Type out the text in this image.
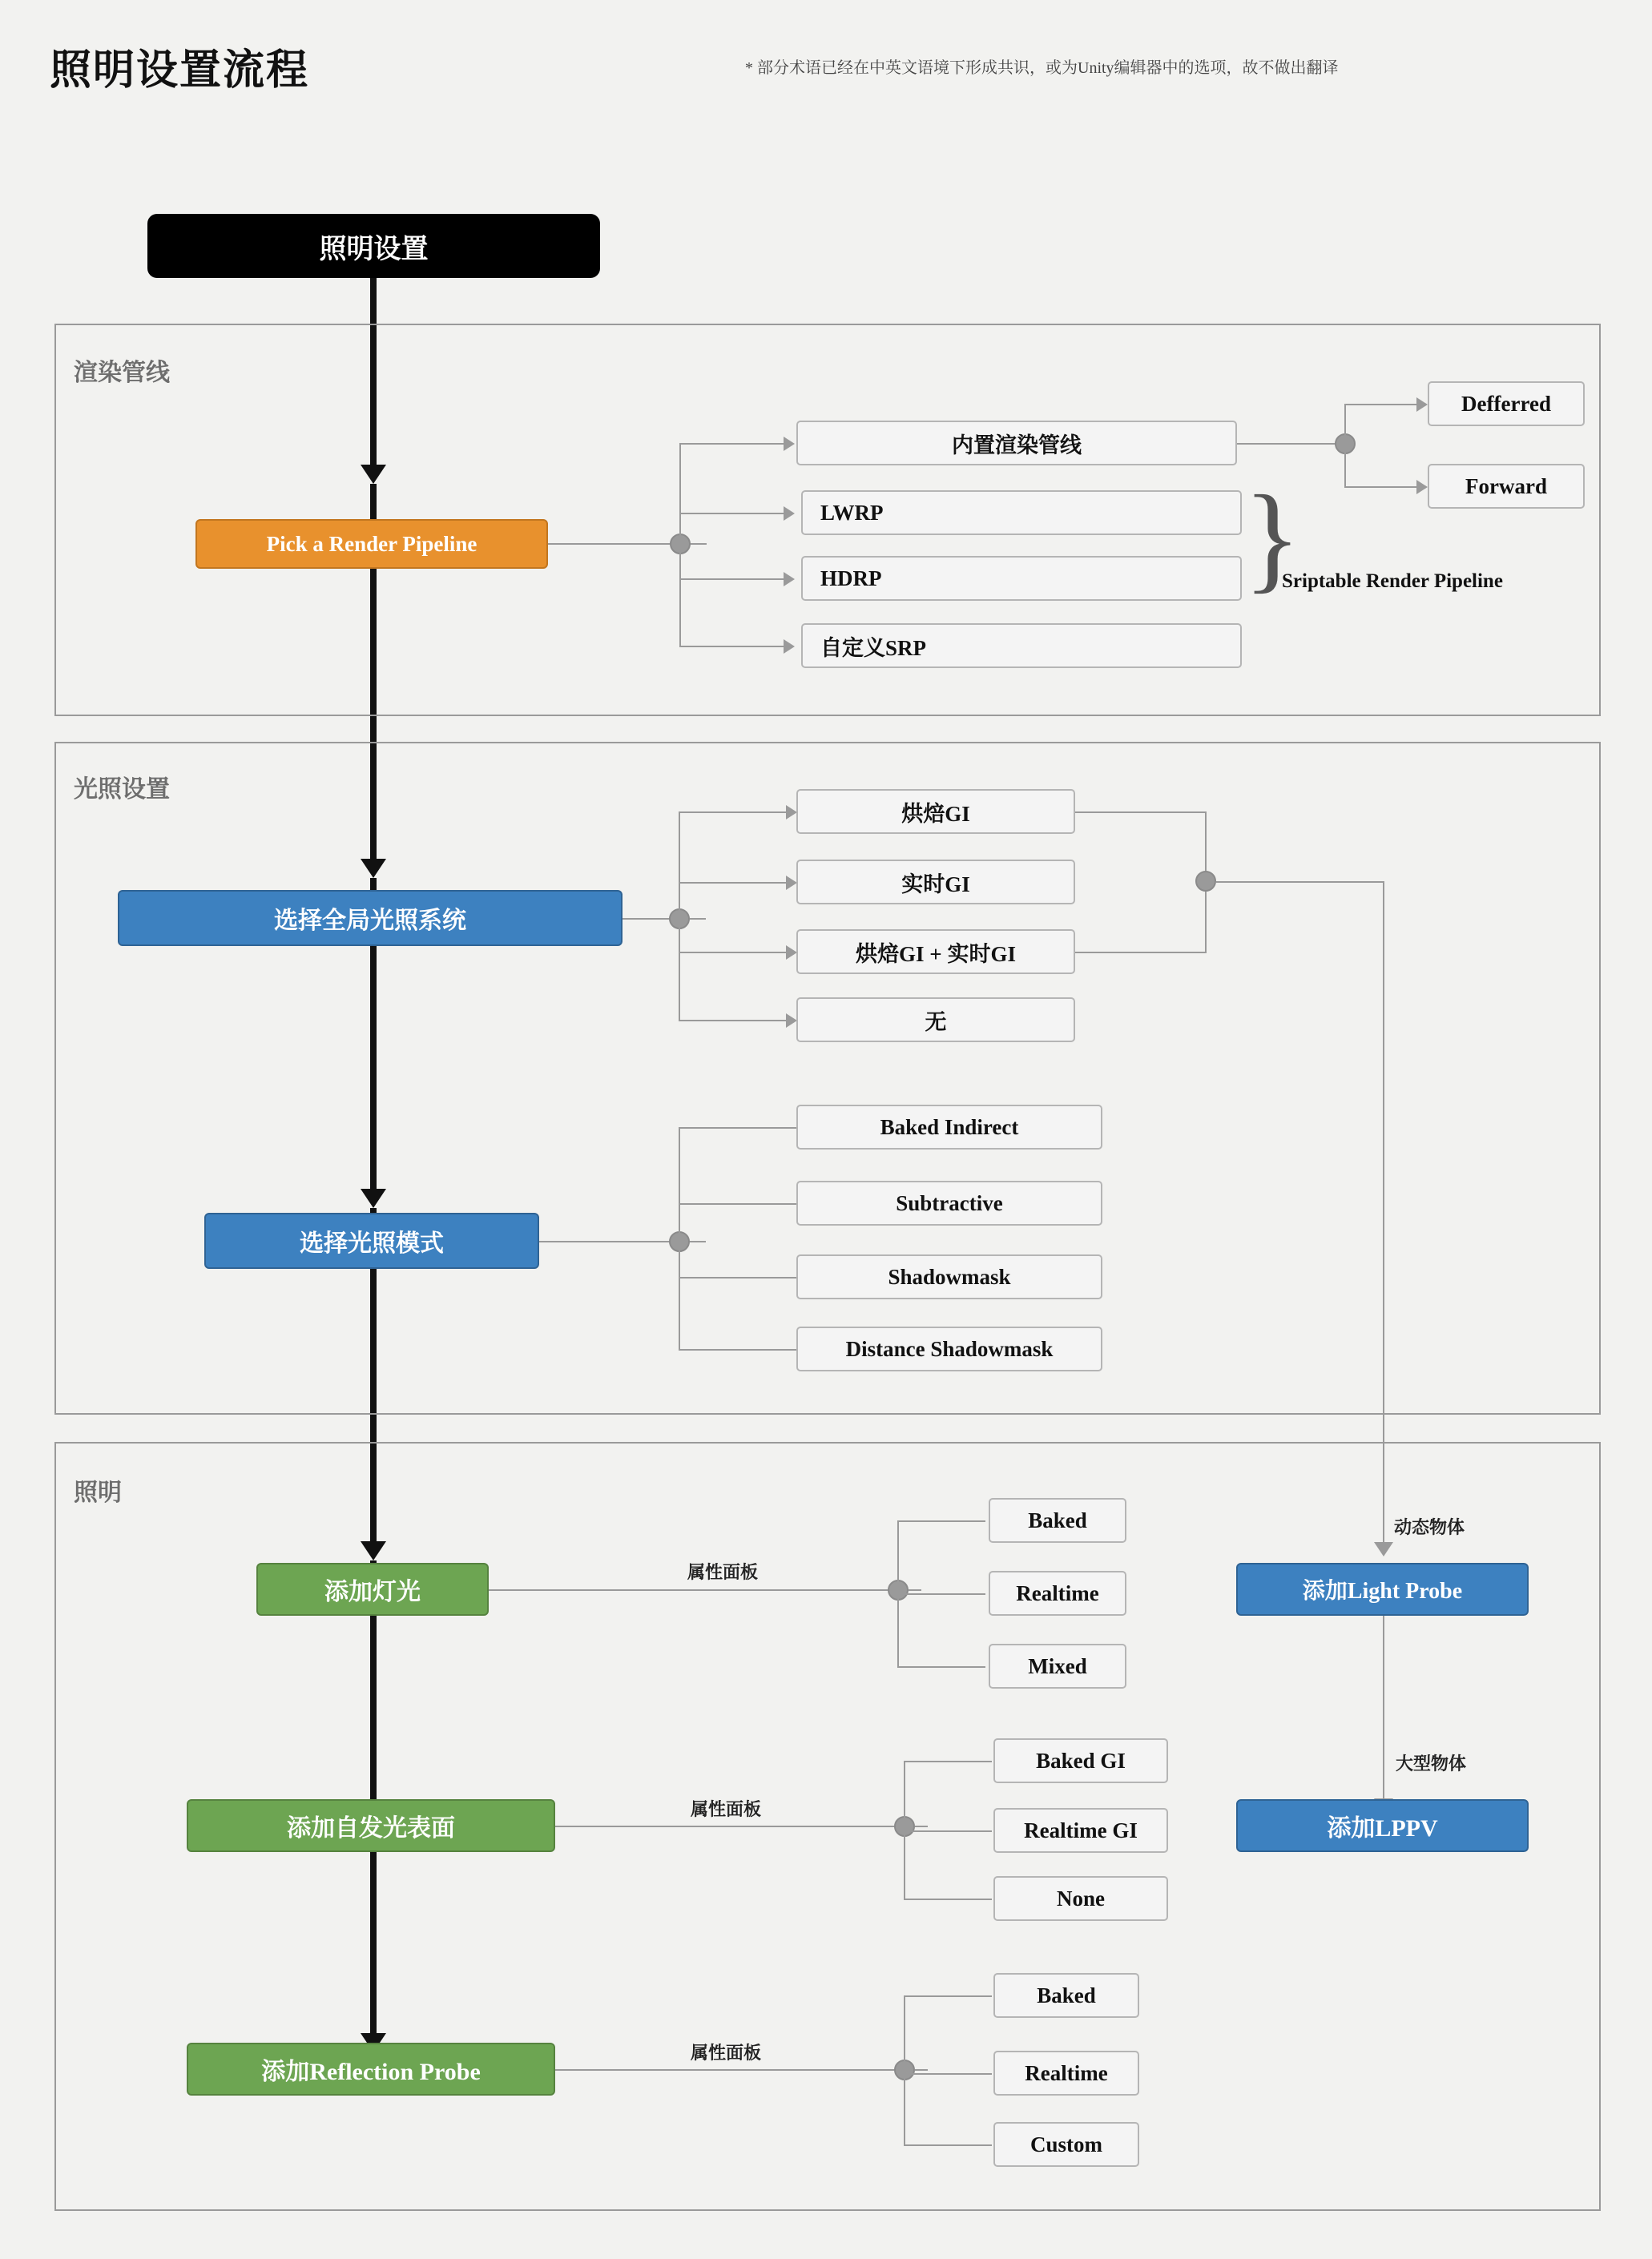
照明设置流程	* 部分术语已经在中英文语境下形成共识，或为Unity编辑器中的选项，故不做出翻译
照明设置
渲染管线
Pick a Render Pipeline
内置渲染管线
LWRP
HDRP
自定义SRP
Defferred
Forward
}
Sriptable Render Pipeline
光照设置
选择全局光照系统
烘焙GI
实时GI
烘焙GI + 实时GI
无
选择光照模式
Baked Indirect
Subtractive
Shadowmask
Distance Shadowmask
照明
添加灯光
属性面板
Baked
Realtime
Mixed
添加Light Probe
动态物体
大型物体
添加LPPV
添加自发光表面
属性面板
Baked GI
Realtime GI
None
添加Reflection Probe
属性面板
Baked
Realtime
Custom
